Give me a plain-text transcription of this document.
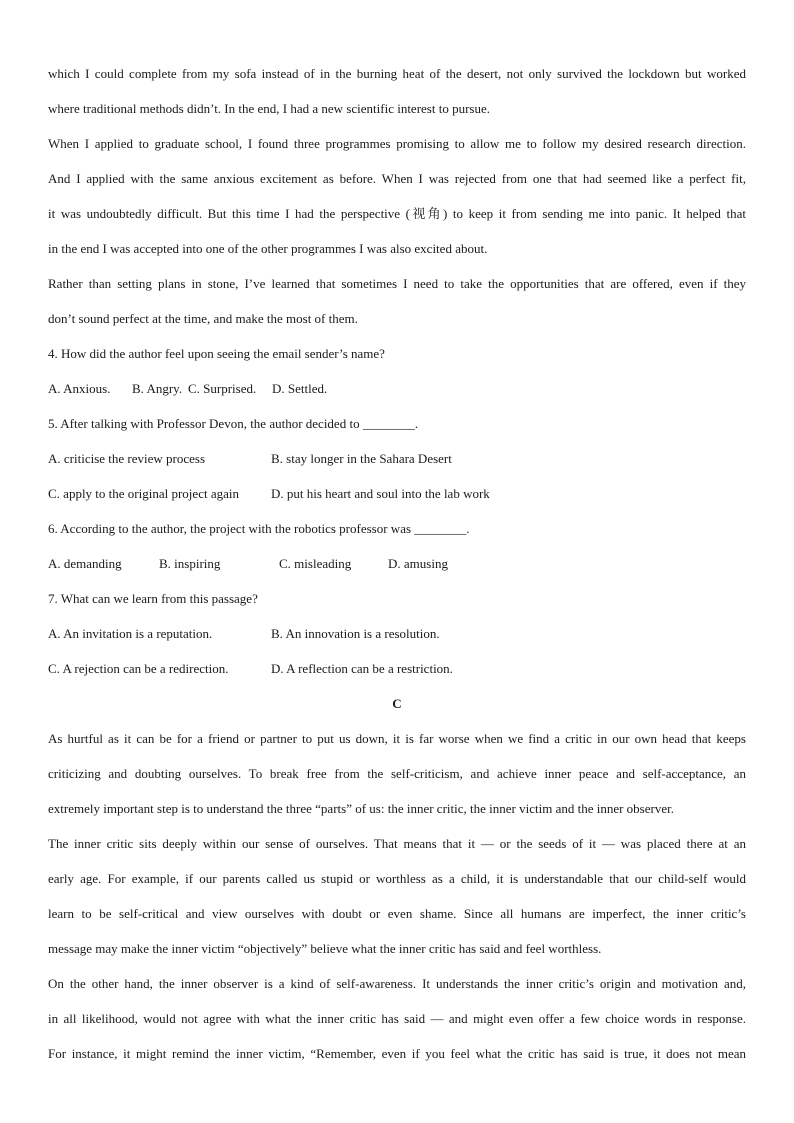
which I could complete from my sofa instead of in the burning heat of the desert, not only survived the lockdown but worked
where traditional methods didn’t. In the end, I had a new scientific interest to pursue.
When I applied to graduate school, I found three programmes promising to allow me to follow my desired research direction.
And I applied with the same anxious excitement as before. When I was rejected from one that had seemed like a perfect fit,
it was undoubtedly difficult. But this time I had the perspective (视角) to keep it from sending me into panic. It helped that
in the end I was accepted into one of the other programmes I was also excited about.
Rather than setting plans in stone, I’ve learned that sometimes I need to take the opportunities that are offered, even if they
don’t sound perfect at the time, and make the most of them.
4. How did the author feel upon seeing the email sender’s name?
A. Anxious. B. Angry. C. Surprised. D. Settled.
5. After talking with Professor Devon, the author decided to ________.
A. criticise the review process	B. stay longer in the Sahara Desert
C. apply to the original project again D. put his heart and soul into the lab work
6. According to the author, the project with the robotics professor was ________.
A. demanding	B. inspiring	C. misleading	D. amusing
7. What can we learn from this passage?
A. An invitation is a reputation.	B. An innovation is a resolution.
C. A rejection can be a redirection.	D. A reflection can be a restriction.
C
As hurtful as it can be for a friend or partner to put us down, it is far worse when we find a critic in our own head that keeps
criticizing and doubting ourselves. To break free from the self-criticism, and achieve inner peace and self-acceptance, an
extremely important step is to understand the three “parts” of us: the inner critic, the inner victim and the inner observer.
The inner critic sits deeply within our sense of ourselves. That means that it — or the seeds of it — was placed there at an
early age. For example, if our parents called us stupid or worthless as a child, it is understandable that our child-self would
learn to be self-critical and view ourselves with doubt or even shame. Since all humans are imperfect, the inner critic’s
message may make the inner victim “objectively” believe what the inner critic has said and feel worthless.
On the other hand, the inner observer is a kind of self-awareness. It understands the inner critic’s origin and motivation and,
in all likelihood, would not agree with what the inner critic has said — and might even offer a few choice words in response.
For instance, it might remind the inner victim, “Remember, even if you feel what the critic has said is true, it does not mean
